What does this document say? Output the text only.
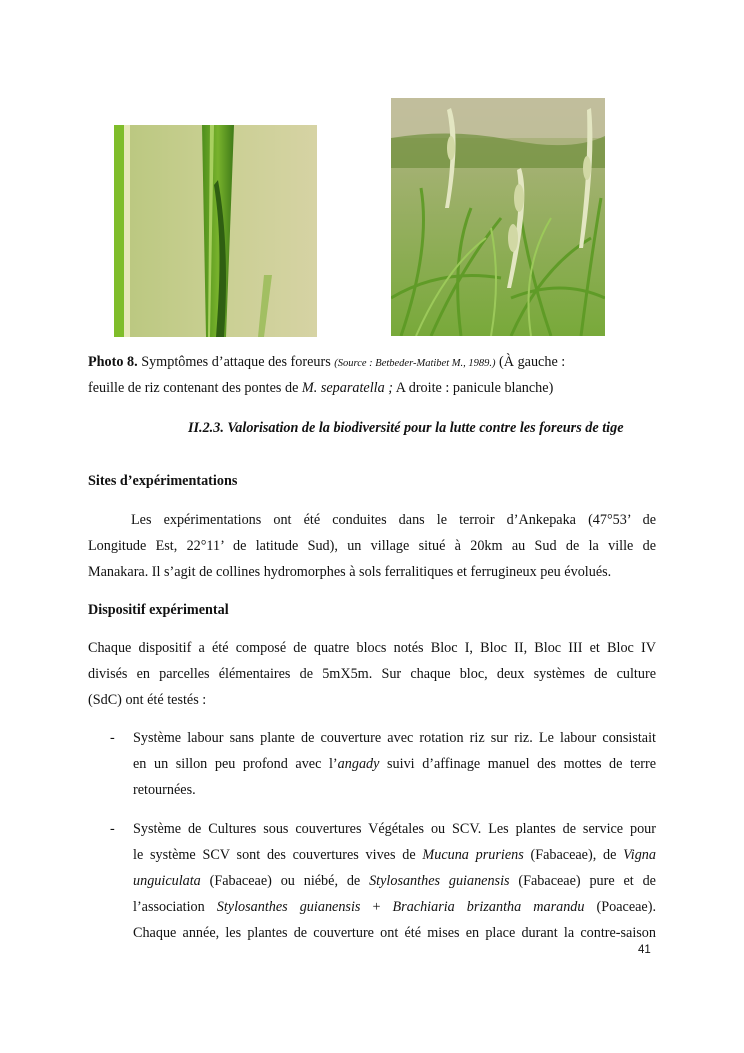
Photo 8. Symptômes d’attaque des foreurs (Source : Betbeder-Matibet M., 1989.) (À gauche :

feuille de riz contenant des pontes de M. separatella ; A droite : panicule blanche)

II.2.3. Valorisation de la biodiversité pour la lutte contre les foreurs de tige

Sites d’expérimentations

Les expérimentations ont été conduites dans le terroir d’Ankepaka (47°53’ de

Longitude Est, 22°11’ de latitude Sud), un village situé à 20km au Sud de la ville de

Manakara. Il s’agit de collines hydromorphes à sols ferralitiques et ferrugineux peu évolués.

Dispositif expérimental

Chaque dispositif a été composé de quatre blocs notés Bloc I, Bloc II, Bloc III et Bloc IV

divisés en parcelles élémentaires de 5mX5m. Sur chaque bloc, deux systèmes de culture

(SdC) ont été testés :

- Système labour sans plante de couverture avec rotation riz sur riz. Le labour consistait

en un sillon peu profond avec l’angady suivi d’affinage manuel des mottes de terre

retournées.

- Système de Cultures sous couvertures Végétales ou SCV. Les plantes de service pour

le système SCV sont des couvertures vives de Mucuna pruriens (Fabaceae), de Vigna

unguiculata (Fabaceae) ou niébé, de Stylosanthes guianensis (Fabaceae) pure et de

l’association Stylosanthes guianensis + Brachiaria brizantha marandu (Poaceae).

Chaque année, les plantes de couverture ont été mises en place durant la contre-saison

41
